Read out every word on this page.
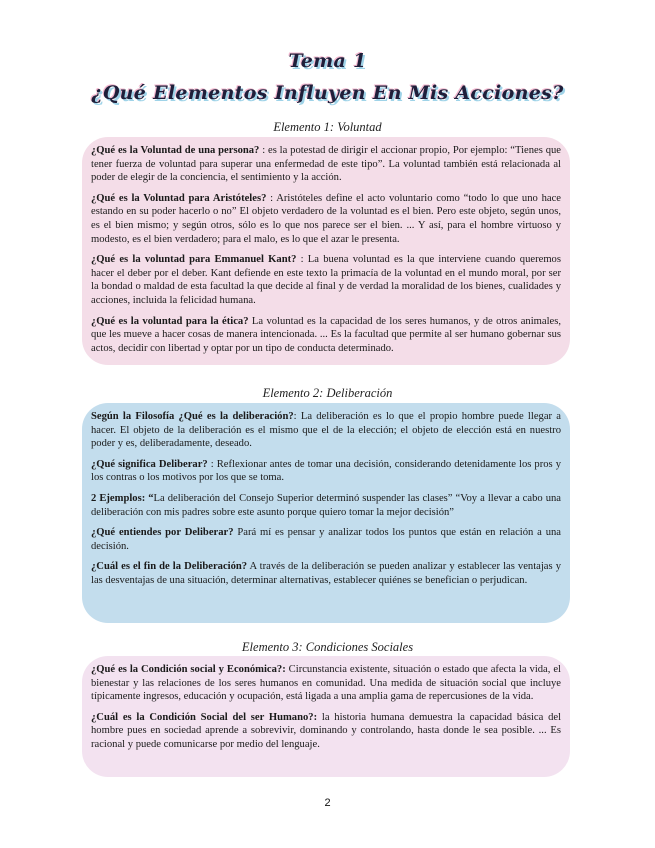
Tema 1
¿Qué Elementos Influyen En Mis Acciones?
Elemento 1: Voluntad

¿Qué es la Voluntad de una persona? : es la potestad de dirigir el accionar propio, Por ejemplo: “Tienes que tener fuerza de voluntad para superar una enfermedad de este tipo”. La voluntad también está relacionada al poder de elegir de la conciencia, el sentimiento y la acción.

¿Qué es la Voluntad para Aristóteles? : Aristóteles define el acto voluntario como “todo lo que uno hace estando en su poder hacerlo o no” El objeto verdadero de la voluntad es el bien. Pero este objeto, según unos, es el bien mismo; y según otros, sólo es lo que nos parece ser el bien. ... Y así, para el hombre virtuoso y modesto, es el bien verdadero; para el malo, es lo que el azar le presenta.

¿Qué es la voluntad para Emmanuel Kant? : La buena voluntad es la que interviene cuando queremos hacer el deber por el deber. Kant defiende en este texto la primacía de la voluntad en el mundo moral, por ser la bondad o maldad de esta facultad la que decide al final y de verdad la moralidad de los bienes, cualidades y acciones, incluida la felicidad humana.

¿Qué es la voluntad para la ética? La voluntad es la capacidad de los seres humanos, y de otros animales, que les mueve a hacer cosas de manera intencionada. ... Es la facultad que permite al ser humano gobernar sus actos, decidir con libertad y optar por un tipo de conducta determinado.

Elemento 2: Deliberación

Según la Filosofía ¿Qué es la deliberación?: La deliberación es lo que el propio hombre puede llegar a hacer. El objeto de la deliberación es el mismo que el de la elección; el objeto de elección está en nuestro poder y es, deliberadamente, deseado.

¿Qué significa Deliberar? : Reflexionar antes de tomar una decisión, considerando detenidamente los pros y los contras o los motivos por los que se toma.

2 Ejemplos: “La deliberación del Consejo Superior determinó suspender las clases” “Voy a llevar a cabo una deliberación con mis padres sobre este asunto porque quiero tomar la mejor decisión”

¿Qué entiendes por Deliberar? Pará mí es pensar y analizar todos los puntos que están en relación a una decisión.

¿Cuál es el fin de la Deliberación? A través de la deliberación se pueden analizar y establecer las ventajas y las desventajas de una situación, determinar alternativas, establecer quiénes se benefician o perjudican.

Elemento 3: Condiciones Sociales

¿Qué es la Condición social y Económica?: Circunstancia existente, situación o estado que afecta la vida, el bienestar y las relaciones de los seres humanos en comunidad. Una medida de situación social que incluye típicamente ingresos, educación y ocupación, está ligada a una amplia gama de repercusiones de la vida.

¿Cuál es la Condición Social del ser Humano?: la historia humana demuestra la capacidad básica del hombre pues en sociedad aprende a sobrevivir, dominando y controlando, hasta donde le sea posible. ... Es racional y puede comunicarse por medio del lenguaje.

2
